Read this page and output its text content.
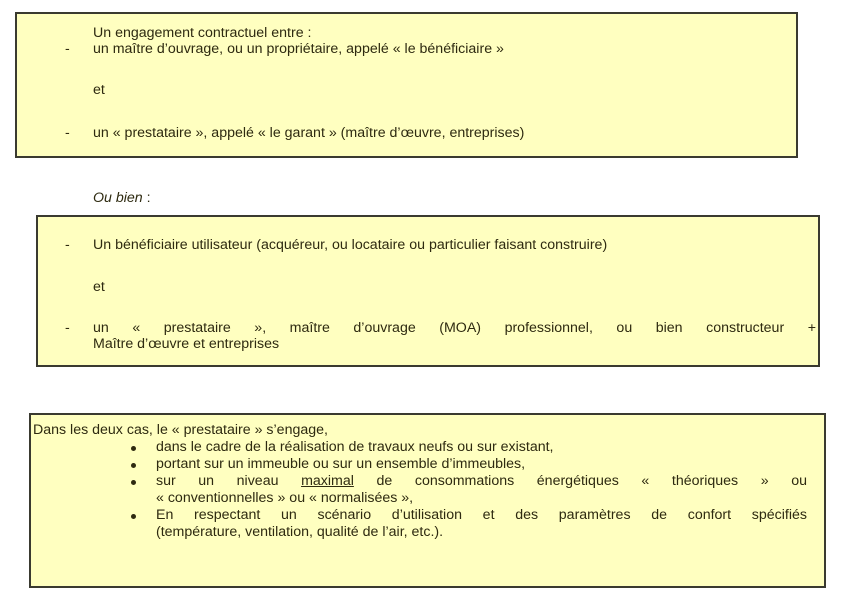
Un engagement contractuel entre :
- un maître d’ouvrage, ou un propriétaire, appelé « le bénéficiaire »
et
- un « prestataire », appelé « le garant » (maître d’œuvre, entreprises)
Ou bien :
- Un bénéficiaire utilisateur (acquéreur, ou locataire ou particulier faisant construire)
et
- un « prestataire », maître d’ouvrage (MOA) professionnel, ou bien constructeur +
Maître d’œuvre et entreprises
Dans les deux cas, le « prestataire » s’engage,
dans le cadre de la réalisation de travaux neufs ou sur existant,
portant sur un immeuble ou sur un ensemble d’immeubles,
sur un niveau maximal de consommations énergétiques « théoriques » ou
« conventionnelles » ou « normalisées »,
En respectant un scénario d’utilisation et des paramètres de confort spécifiés
(température, ventilation, qualité de l’air, etc.).
